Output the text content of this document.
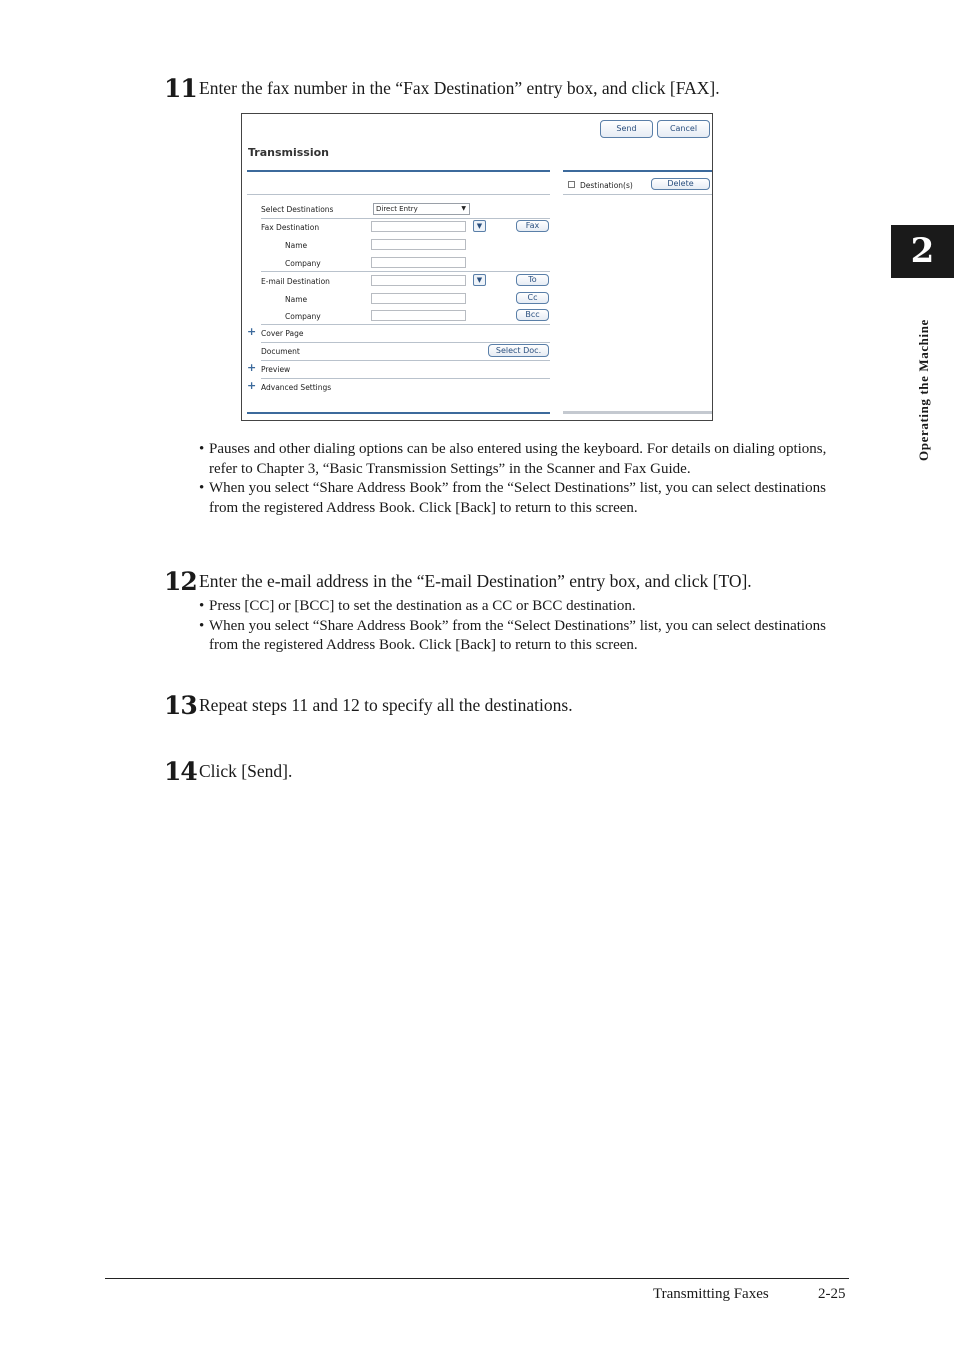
11 Enter the fax number in the “Fax Destination” entry box, and click [FAX].
Send	Cancel
Transmission
Destination(s)	Delete
Select Destinations	Direct Entry	▼
Fax Destination	▼	Fax
Name
Company
E-mail Destination	▼	To
Name	Cc
Company	Bcc
+ Cover Page
Document	Select Doc.
+ Preview
+ Advanced Settings
• Pauses and other dialing options can be also entered using the keyboard. For details on dialing options, refer to Chapter 3, “Basic Transmission Settings” in the Scanner and Fax Guide.
• When you select “Share Address Book” from the “Select Destinations” list, you can select destinations from the registered Address Book. Click [Back] to return to this screen.
12 Enter the e-mail address in the “E-mail Destination” entry box, and click [TO].
• Press [CC] or [BCC] to set the destination as a CC or BCC destination.
• When you select “Share Address Book” from the “Select Destinations” list, you can select destinations from the registered Address Book. Click [Back] to return to this screen.
13 Repeat steps 11 and 12 to specify all the destinations.
14 Click [Send].
2
Operating the Machine
Transmitting Faxes	2-25
